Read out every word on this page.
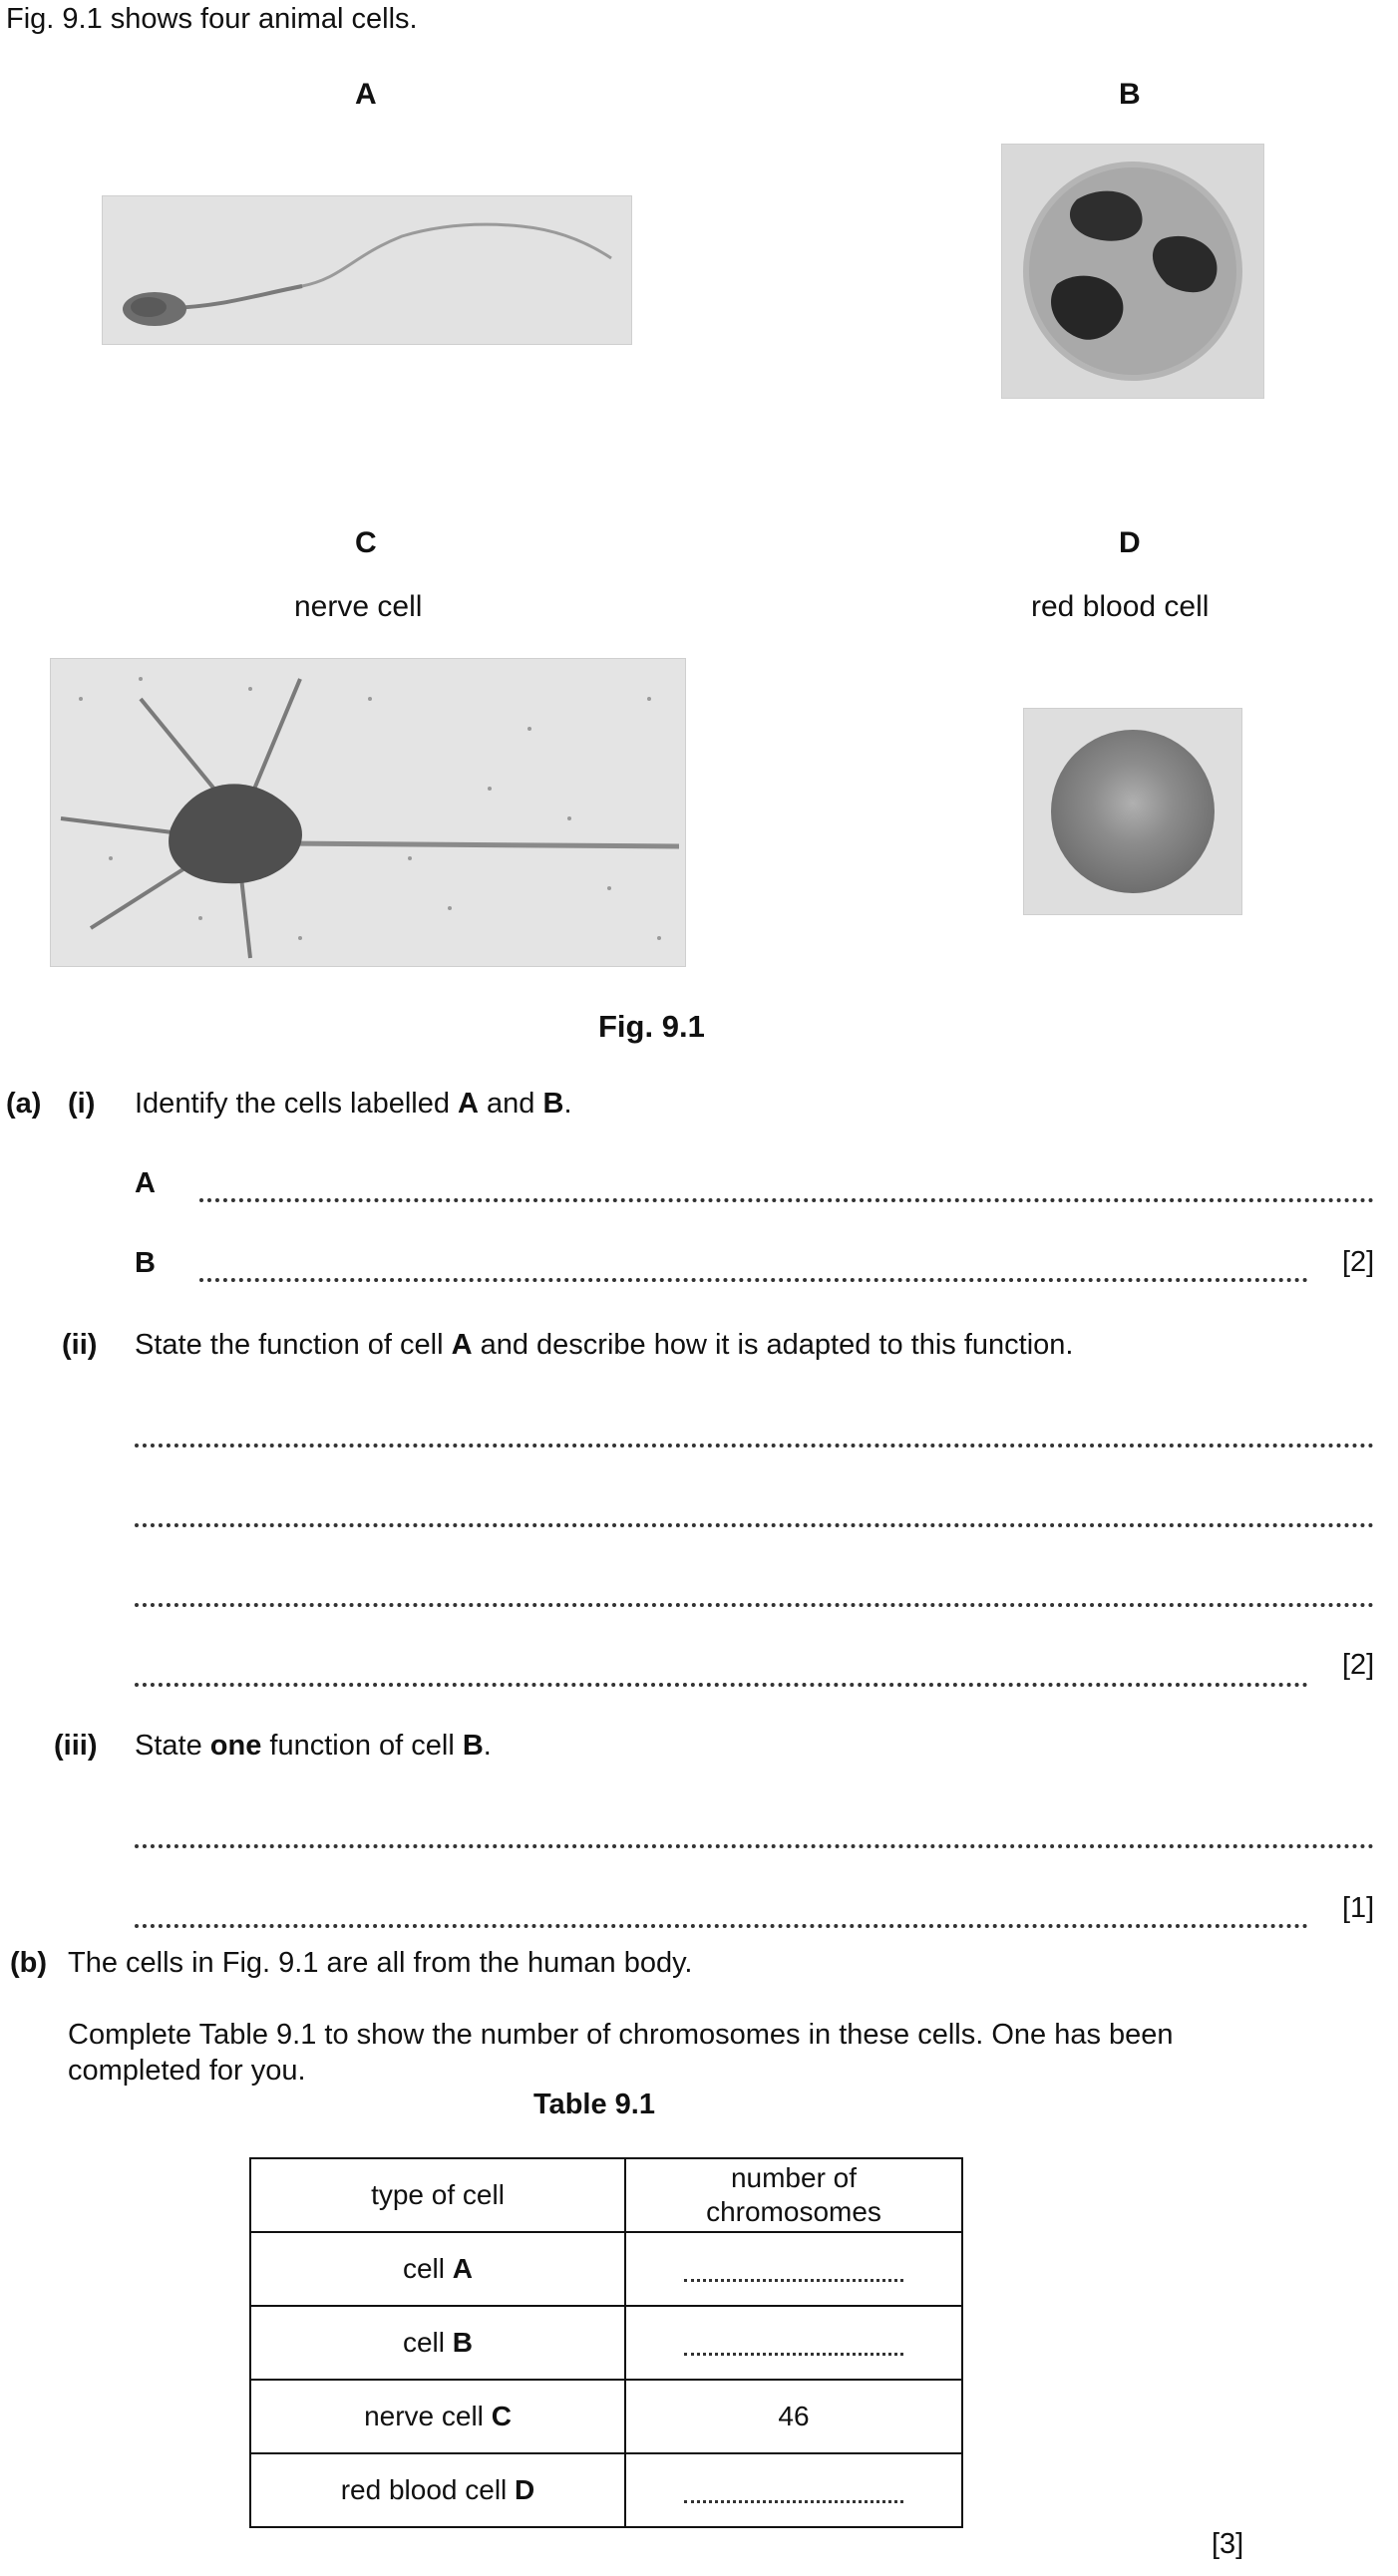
Fig. 9.1 shows four animal cells.
A	B
C	D
nerve cell	red blood cell
Fig. 9.1
(a) (i) Identify the cells labelled A and B.
A
B	[2]
(ii) State the function of cell A and describe how it is adapted to this function.
[2]
(iii) State one function of cell B.
[1]
(b) The cells in Fig. 9.1 are all from the human body.
Complete Table 9.1 to show the number of chromosomes in these cells. One has been
completed for you.
Table 9.1
type of cell	number of chromosomes
cell A	
cell B	
nerve cell C	46
red blood cell D	
[3]
